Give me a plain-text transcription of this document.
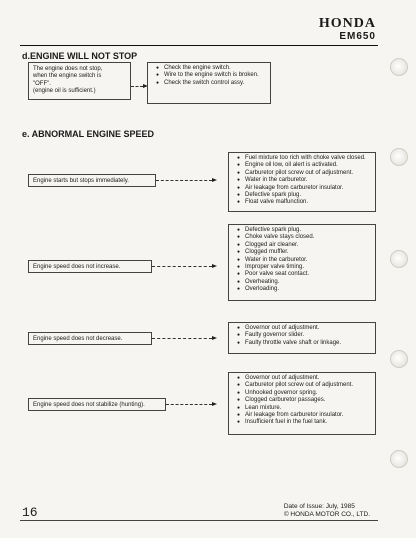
HONDA
EM650
d.ENGINE WILL NOT STOP
The engine does not stop,
when the engine switch is
"OFF".
(engine oil is sufficient.)
● Check the engine switch.
● Wire to the engine switch is broken.
● Check the switch control assy.
e. ABNORMAL ENGINE SPEED
Engine starts but stops immediately.
● Fuel mixture too rich with choke valve closed.
● Engine oil low, oil alert is activated.
● Carburetor pilot screw out of adjustment.
● Water in the carburetor.
● Air leakage from carburetor insulator.
● Defective spark plug.
● Float valve malfunction.
Engine speed does not increase.
● Defective spark plug.
● Choke valve stays closed.
● Clogged air cleaner.
● Clogged muffler.
● Water in the carburetor.
● Improper valve timing.
● Poor valve seat contact.
● Overheating.
● Overloading.
Engine speed does not decrease.
● Governor out of adjustment.
● Faulty governor slider.
● Faulty throttle valve shaft or linkage.
Engine speed does not stabilize (hunting).
● Governor out of adjustment.
● Carburetor pilot screw out of adjustment.
● Unhooked governor spring.
● Clogged carburetor passages.
● Lean mixture.
● Air leakage from carburetor insulator.
● Insufficient fuel in the fuel tank.
16	Date of Issue: July, 1985
© HONDA MOTOR CO., LTD.
